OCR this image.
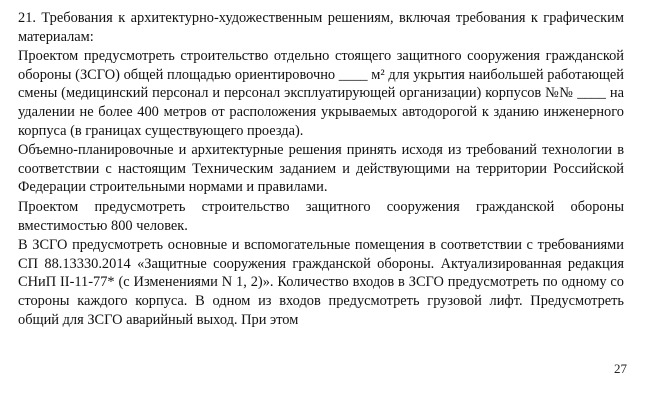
21. Требования к архитектурно-художественным решениям, включая требования к графическим материалам:

Проектом предусмотреть строительство отдельно стоящего защитного сооружения гражданской обороны (ЗСГО) общей площадью ориентировочно ____ м² для укрытия наибольшей работающей смены (медицинский персонал и персонал эксплуатирующей организации) корпусов №№ ____ на удалении не более 400 метров от расположения укрываемых автодорогой к зданию инженерного корпуса (в границах существующего проезда).

Объемно-планировочные и архитектурные решения принять исходя из требований технологии в соответствии с настоящим Техническим заданием и действующими на территории Российской Федерации строительными нормами и правилами.

Проектом предусмотреть строительство защитного сооружения гражданской обороны вместимостью 800 человек.

В ЗСГО предусмотреть основные и вспомогательные помещения в соответствии с требованиями СП 88.13330.2014 «Защитные сооружения гражданской обороны. Актуализированная редакция СНиП II-11-77* (с Изменениями N 1, 2)». Количество входов в ЗСГО предусмотреть по одному со стороны каждого корпуса. В одном из входов предусмотреть грузовой лифт. Предусмотреть общий для ЗСГО аварийный выход. При этом

27
